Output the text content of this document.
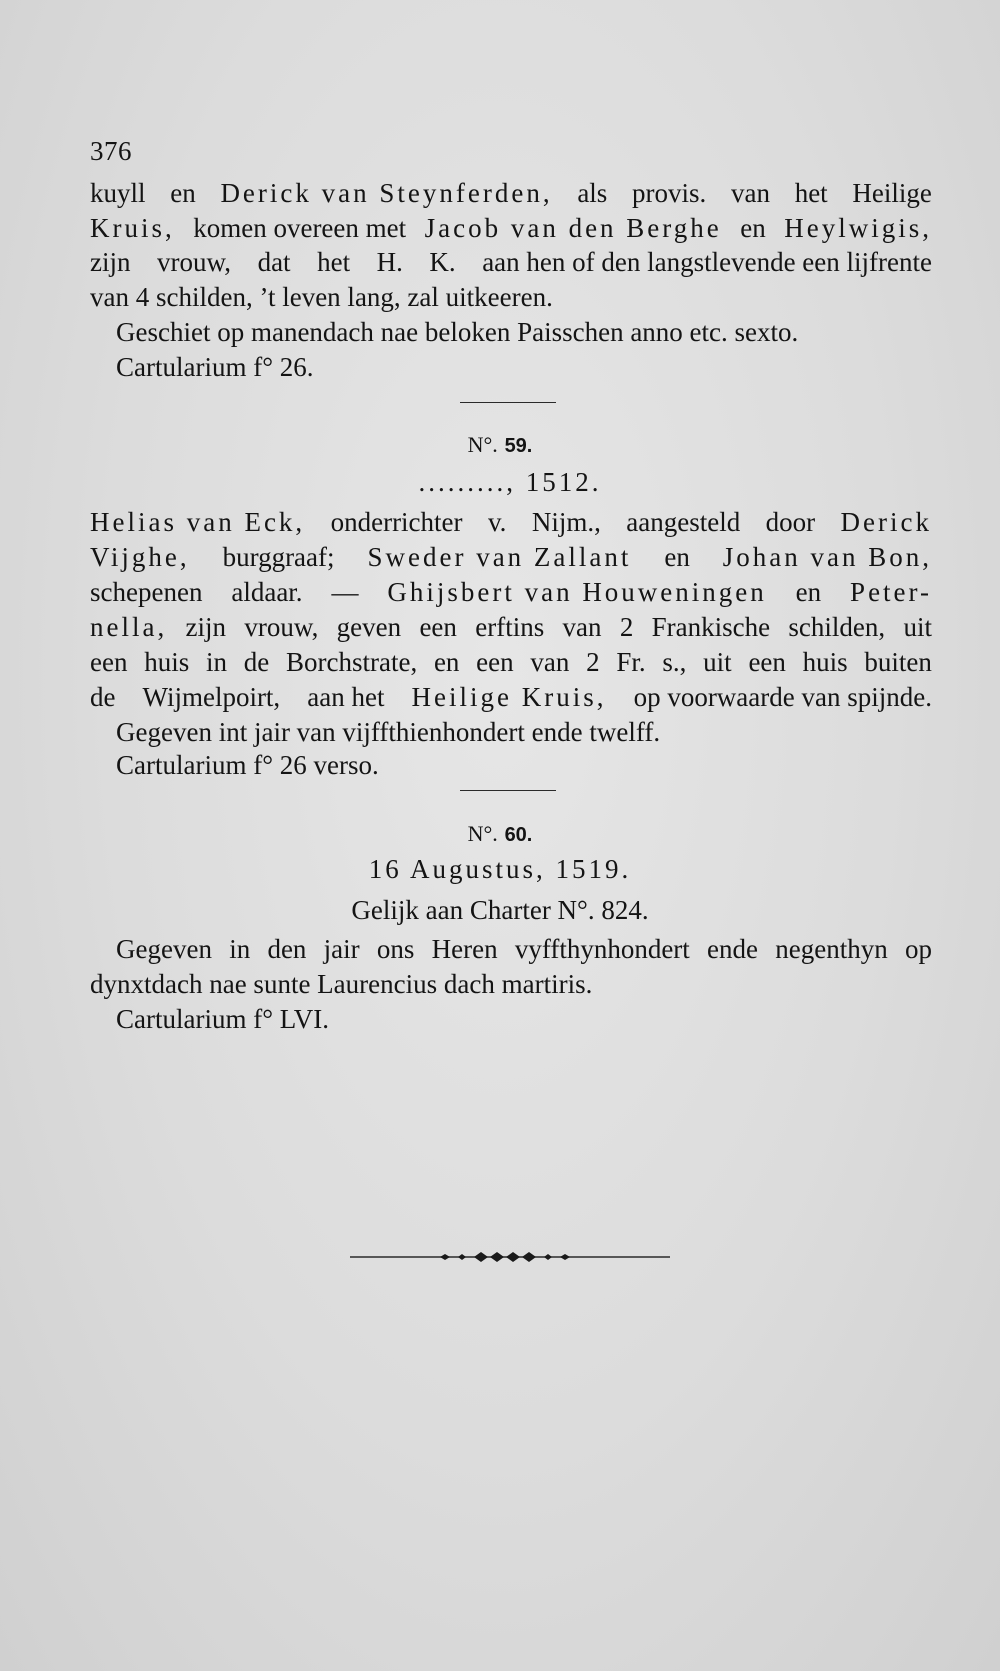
376
kuyll en Derick van Steynferden, als provis. van het Heilige
Kruis, komen overeen met Jacob van den Berghe en Heylwigis,
zijn vrouw, dat het H. K. aan hen of den langstlevende een lijfrente
van 4 schilden, ’t leven lang, zal uitkeeren.
Geschiet op manendach nae beloken Paisschen anno etc. sexto.
Cartularium f° 26.
N°. 59.
........., 1512.
Helias van Eck, onderrichter v. Nijm., aangesteld door Derick
Vijghe, burggraaf; Sweder van Zallant en Johan van Bon,
schepenen aldaar. — Ghijsbert van Houweningen en Peter-
nella, zijn vrouw, geven een erftins van 2 Frankische schilden, uit
een huis in de Borchstrate, en een van 2 Fr. s., uit een huis buiten
de Wijmelpoirt, aan het Heilige Kruis, op voorwaarde van spijnde.
Gegeven int jair van vijffthienhondert ende twelff.
Cartularium f° 26 verso.
N°. 60.
16 Augustus, 1519.
Gelijk aan Charter N°. 824.
Gegeven in den jair ons Heren vyffthynhondert ende negenthyn op
dynxtdach nae sunte Laurencius dach martiris.
Cartularium f° LVI.
